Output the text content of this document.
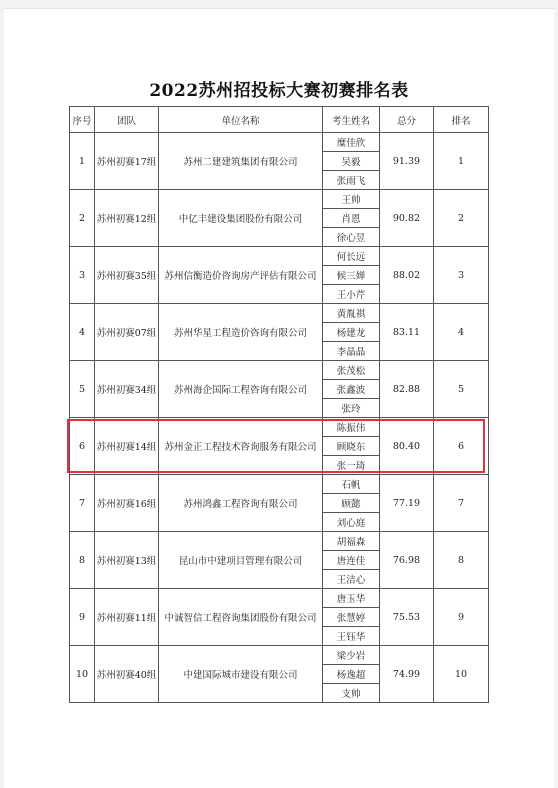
2022苏州招投标大赛初赛排名表
序号	团队	单位名称	考生姓名	总分	排名
1	苏州初赛17组	苏州二建建筑集团有限公司	糜佳欣	91.39	1
			吴毅		
			张雨飞		
2	苏州初赛12组	中亿丰建设集团股份有限公司	王帅	90.82	2
			肖恩		
			徐心昱		
3	苏州初赛35组	苏州信衡造价咨询房产评估有限公司	何长远	88.02	3
			候三婵		
			王小芹		
4	苏州初赛07组	苏州华星工程造价咨询有限公司	黄胤祺	83.11	4
			杨建龙		
			李晶晶		
5	苏州初赛34组	苏州海企国际工程咨询有限公司	张茂松	82.88	5
			张鑫波		
			张玲		
6	苏州初赛14组	苏州金正工程技术咨询服务有限公司	陈振伟	80.40	6
			顾晓东		
			张一琦		
7	苏州初赛16组	苏州鸿鑫工程咨询有限公司	石帆	77.19	7
			顾懿		
			刘心庭		
8	苏州初赛13组	昆山市中建项目管理有限公司	胡福森	76.98	8
			唐连佳		
			王洁心		
9	苏州初赛11组	中诚智信工程咨询集团股份有限公司	唐玉华	75.53	9
			张慧婷		
			王钰华		
10	苏州初赛40组	中建国际城市建设有限公司	梁少岩	74.99	10
			杨逸超		
			支帅		
